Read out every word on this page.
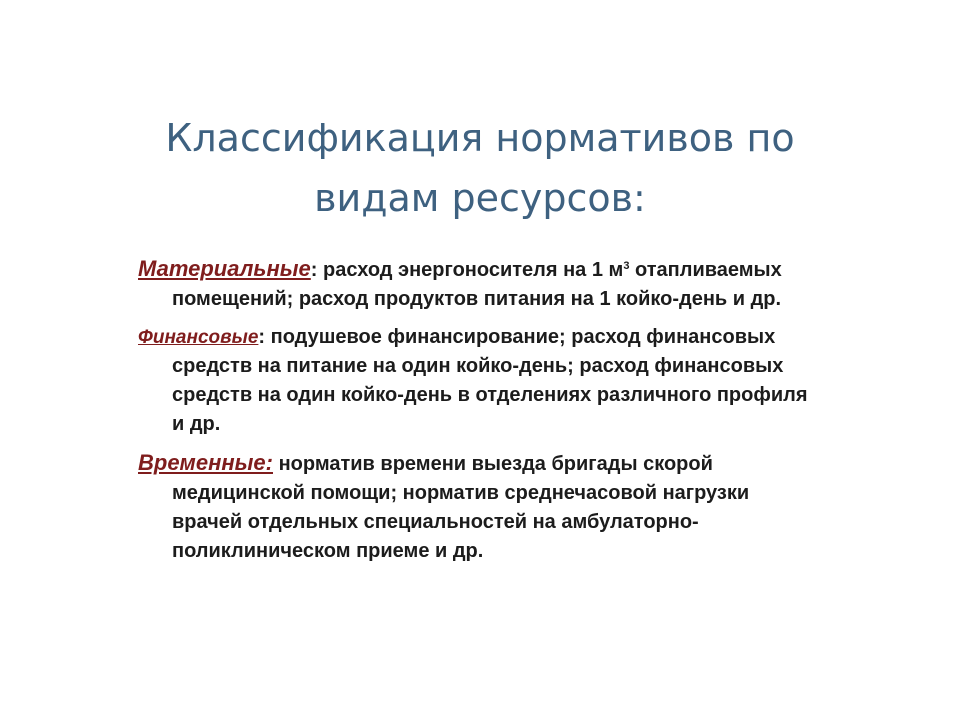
Классификация нормативов по
видам ресурсов:

Материальные: расход энергоносителя на 1 $м^3$ отапливаемых помещений; расход продуктов питания на 1 койко-день и др.

Финансовые: подушевое финансирование; расход финансовых средств на питание на один койко-день; расход финансовых средств на один койко-день в отделениях различного профиля и др.

Временные: норматив времени выезда бригады скорой медицинской помощи; норматив среднечасовой нагрузки врачей отдельных специальностей на амбулаторно-поликлиническом приеме и др.
